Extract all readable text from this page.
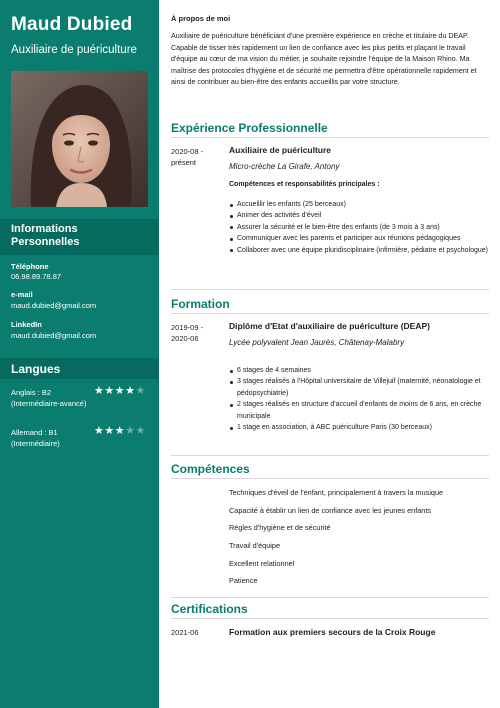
Maud Dubied
Auxiliaire de puériculture
Informations Personnelles
Téléphone
06.98.89.78.87
e-mail
maud.dubied@gmail.com
LinkedIn
maud.dubied@gmail.com
Langues
Anglais : B2 (Intermédiaire-avancé)
★★★★★
Allemand : B1 (Intermédiaire)
★★★★★
À propos de moi
Auxiliaire de puériculture bénéficiant d'une première expérience en crèche et titulaire du DEAP. Capable de tisser très rapidement un lien de confiance avec les plus petits et plaçant le travail d'équipe au cœur de ma vision du métier, je souhaite rejoindre l'équipe de la Maison Rhino. Ma maîtrise des protocoles d'hygiène et de sécurité me permettra d'être opérationnelle rapidement et ainsi de contribuer au bien-être des enfants accueillis par votre structure.
Expérience Professionnelle
2020-08 - présent
Auxiliaire de puériculture
Micro-crèche La Girafe, Antony
Compétences et responsabilités principales :
Accueillir les enfants (25 berceaux)
Animer des activités d'éveil
Assurer la sécurité et le bien-être des enfants (de 3 mois à 3 ans)
Communiquer avec les parents et participer aux réunions pédagogiques
Collaborer avec une équipe pluridisciplinaire (infirmière, pédiatre et psychologue)
Formation
2019-09 - 2020-06
Diplôme d'Etat d'auxiliaire de puériculture (DEAP)
Lycée polyvalent Jean Jaurès, Châtenay-Malabry
6 stages de 4 semaines
3 stages réalisés à l'Hôpital universitaire de Villejuif (maternité, néonatologie et pédopsychiatrie)
2 stages réalisés en structure d'accueil d'enfants de moins de 6 ans, en crèche municipale
1 stage en association, à ABC puériculture Paris (30 berceaux)
Compétences
Techniques d'éveil de l'enfant, principalement à travers la musique
Capacité à établir un lien de confiance avec les jeunes enfants
Règles d'hygiène et de sécurité
Travail d'équipe
Excellent relationnel
Patience
Certifications
2021-06	Formation aux premiers secours de la Croix Rouge
